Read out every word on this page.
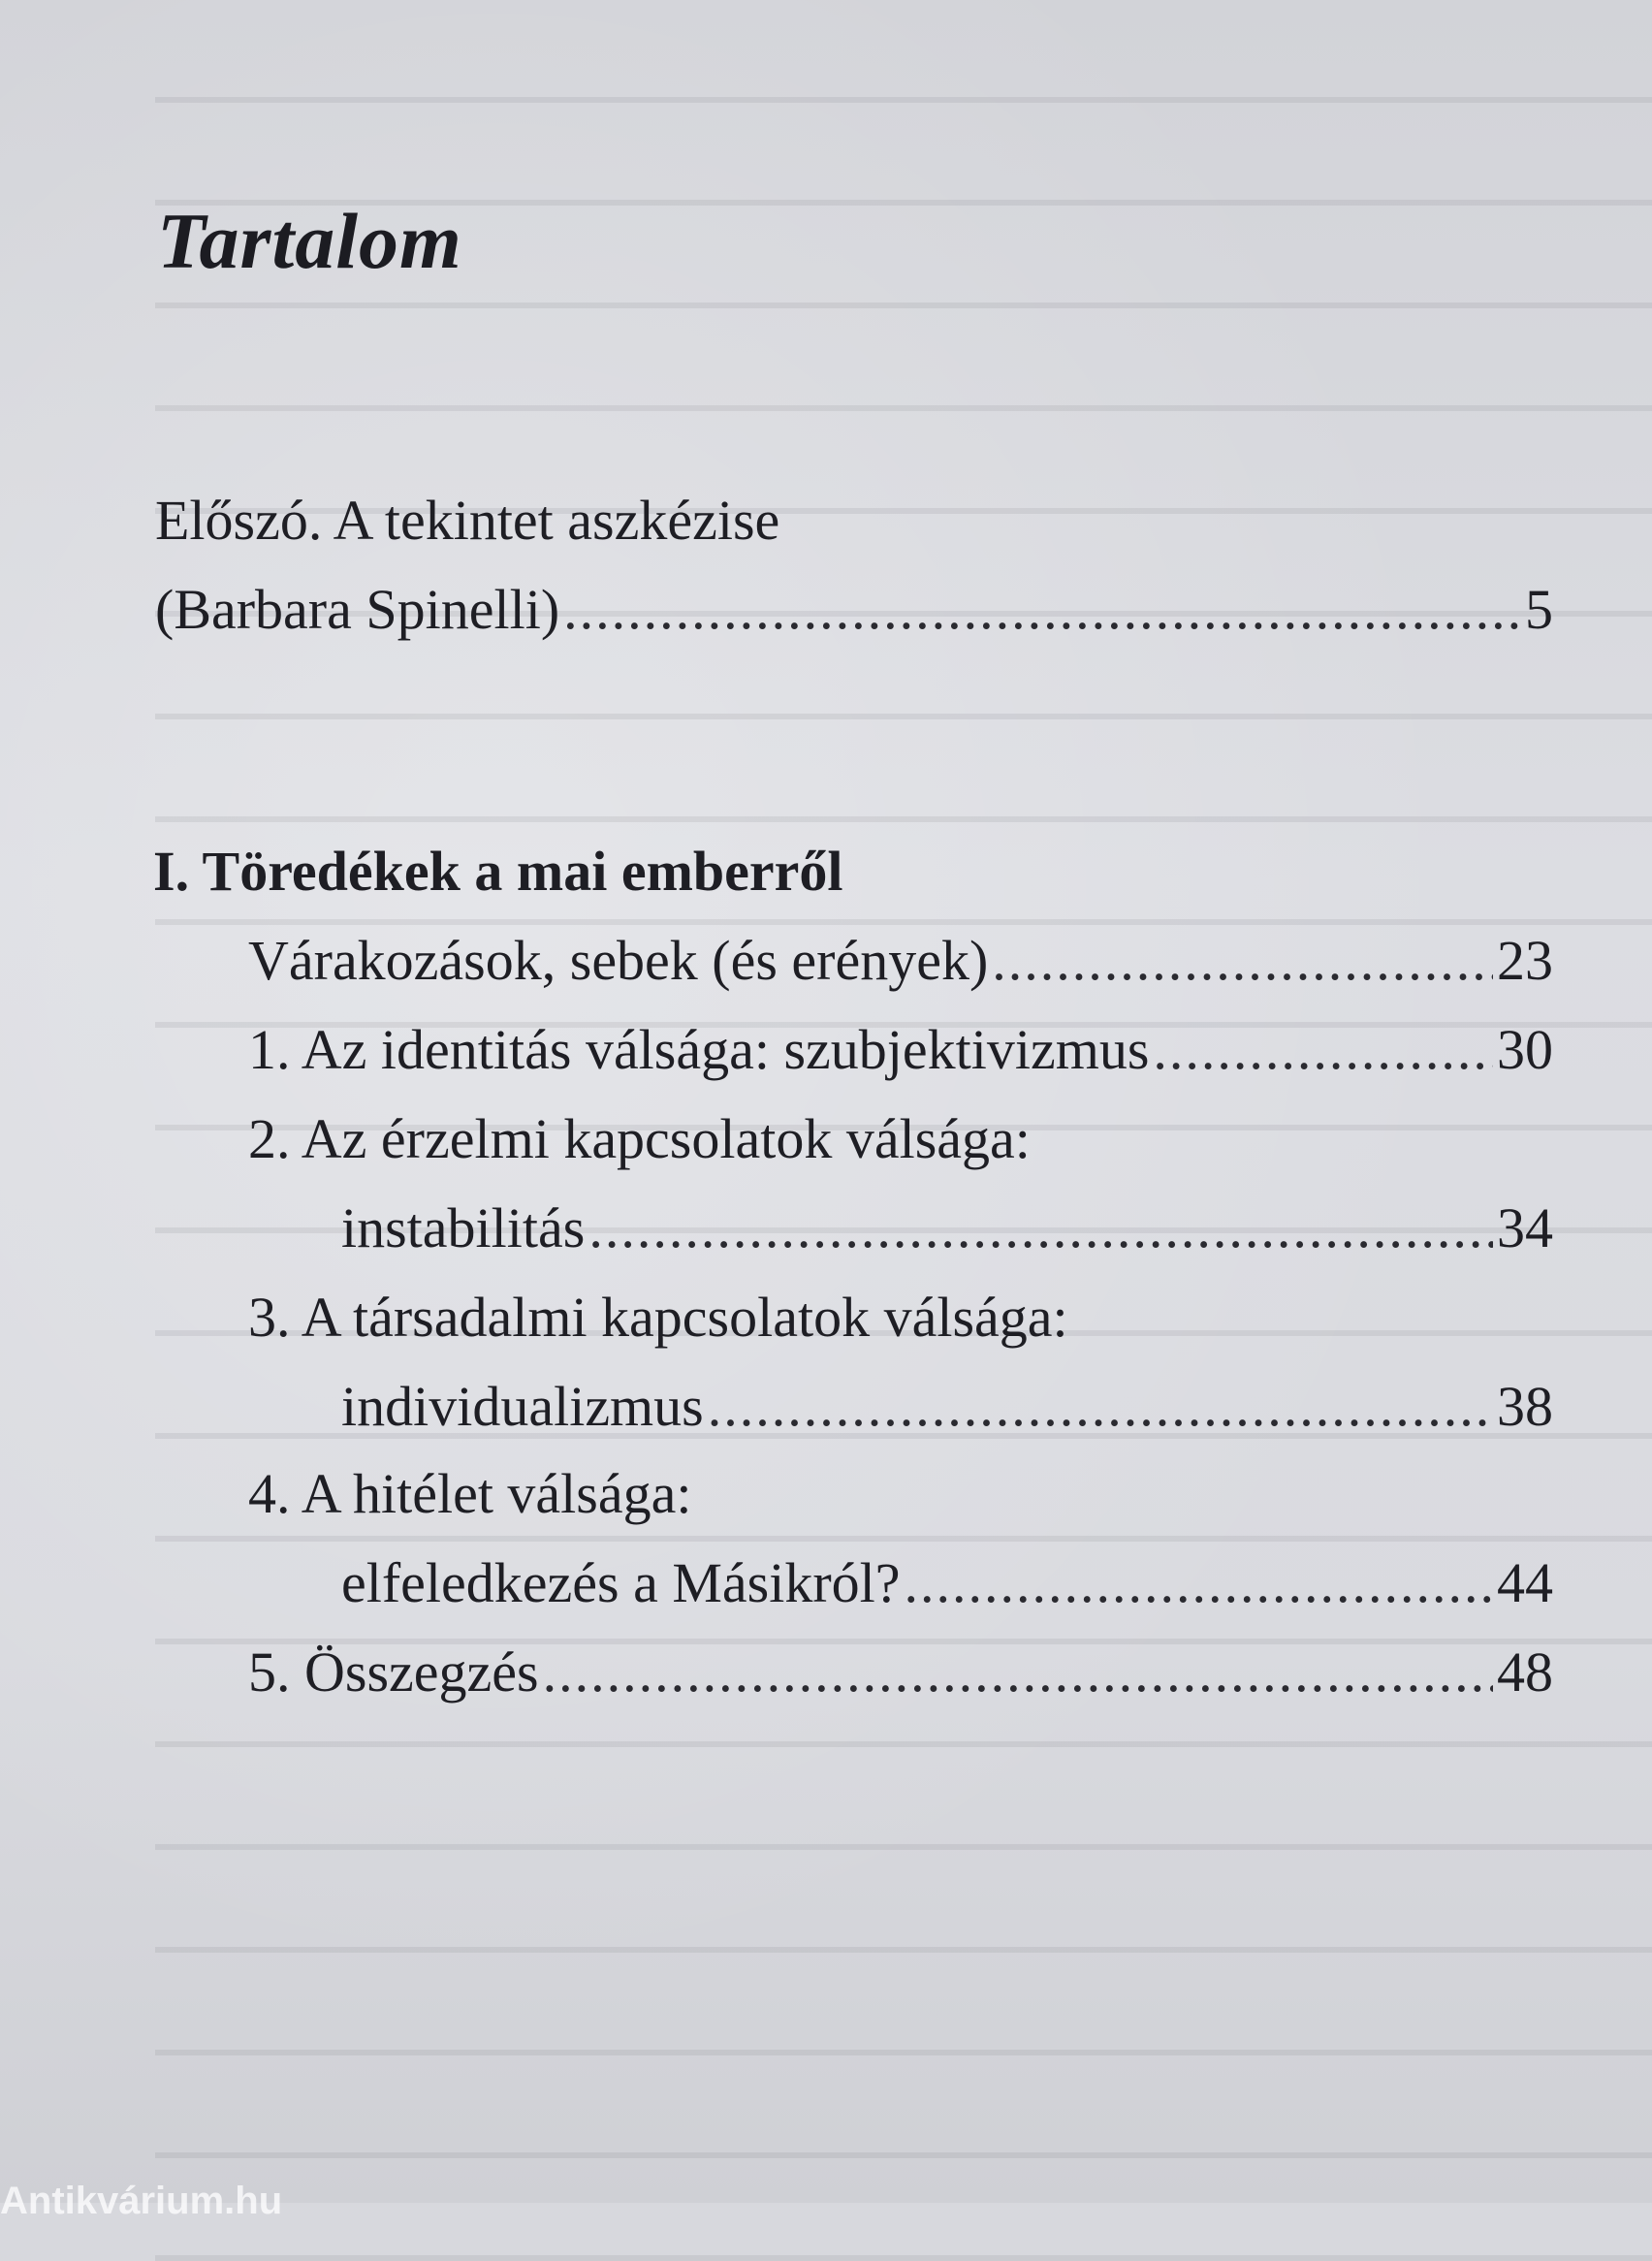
Tartalom
Előszó. A tekintet aszkézise
(Barbara Spinelli) .....	5
I. Töredékek a mai emberről
Várakozások, sebek (és erények) .....	23
1. Az identitás válsága: szubjektivizmus .....	30
2. Az érzelmi kapcsolatok válsága:
instabilitás .....	34
3. A társadalmi kapcsolatok válsága:
individualizmus .....	38
4. A hitélet válsága:
elfeledkezés a Másikról? .....	44
5. Összegzés .....	48
Antikvárium.hu
